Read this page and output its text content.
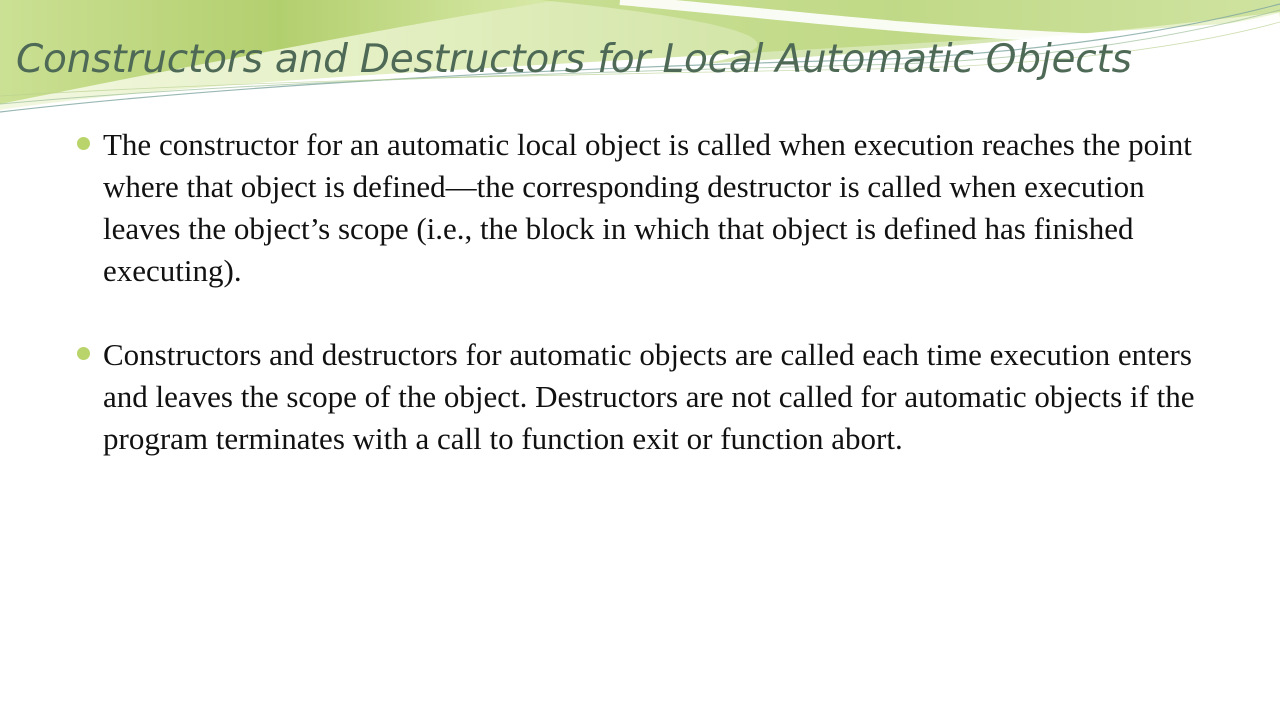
Constructors and Destructors for Local Automatic Objects
The constructor for an automatic local object is called when execution reaches the point where that object is defined—the corresponding destructor is called when execution leaves the object’s scope (i.e., the block in which that object is defined has finished executing).
Constructors and destructors for automatic objects are called each time execution enters and leaves the scope of the object. Destructors are not called for automatic objects if the program terminates with a call to function exit or function abort.
